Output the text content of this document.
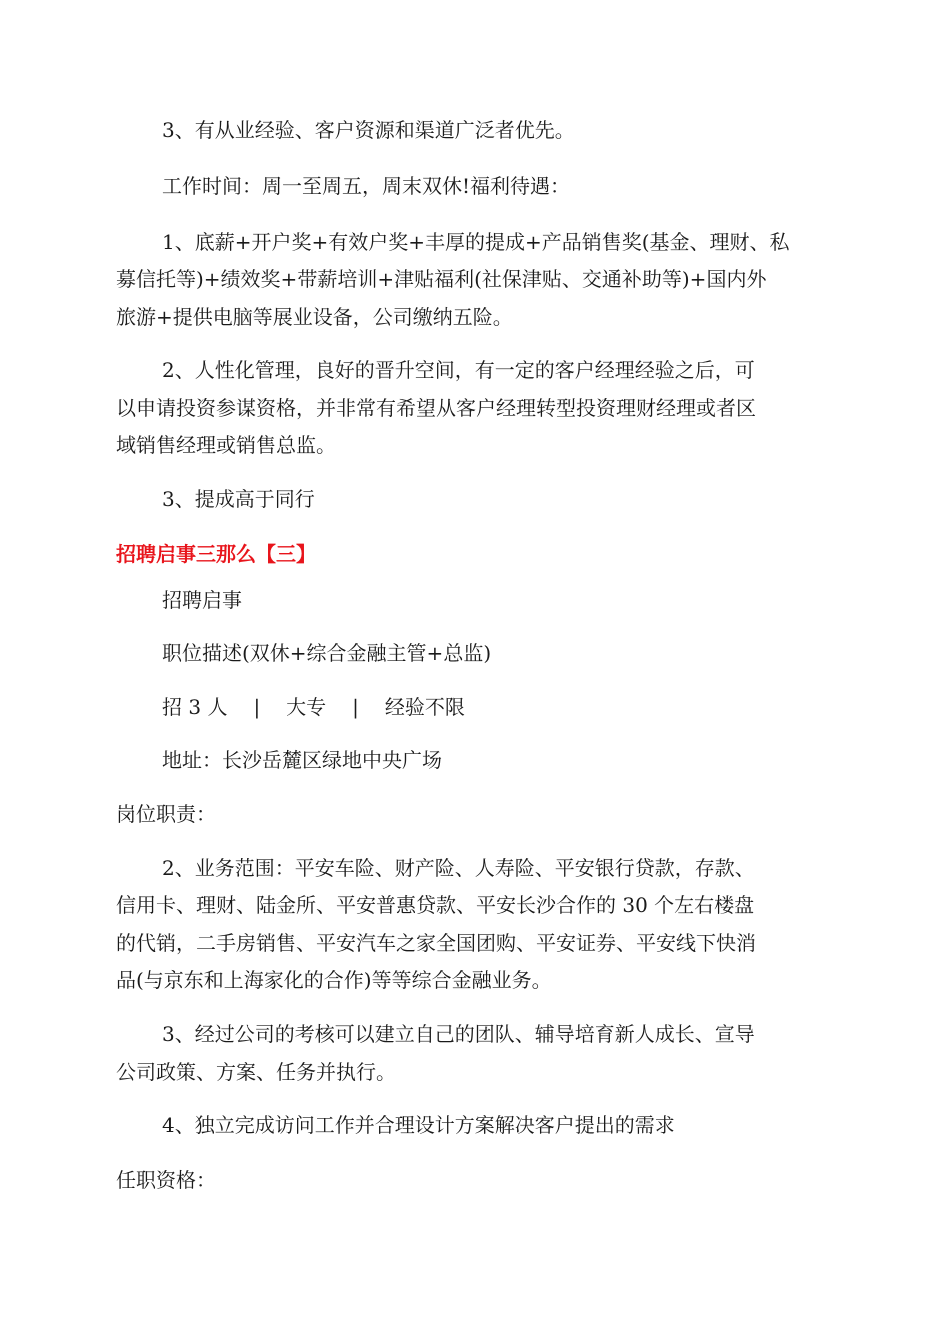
3、有从业经验、客户资源和渠道广泛者优先。

工作时间：周一至周五，周末双休!福利待遇：

1、底薪+开户奖+有效户奖+丰厚的提成+产品销售奖(基金、理财、私

募信托等)+绩效奖+带薪培训+津贴福利(社保津贴、交通补助等)+国内外

旅游+提供电脑等展业设备，公司缴纳五险。

2、人性化管理，良好的晋升空间，有一定的客户经理经验之后，可

以申请投资参谋资格，并非常有希望从客户经理转型投资理财经理或者区

域销售经理或销售总监。

3、提成高于同行

招聘启事三那么【三】

招聘启事

职位描述(双休+综合金融主管+总监)

招 3 人 | 大专 | 经验不限

地址：长沙岳麓区绿地中央广场

岗位职责：

2、业务范围：平安车险、财产险、人寿险、平安银行贷款，存款、

信用卡、理财、陆金所、平安普惠贷款、平安长沙合作的 30 个左右楼盘

的代销，二手房销售、平安汽车之家全国团购、平安证券、平安线下快消

品(与京东和上海家化的合作)等等综合金融业务。

3、经过公司的考核可以建立自己的团队、辅导培育新人成长、宣导

公司政策、方案、任务并执行。

4、独立完成访问工作并合理设计方案解决客户提出的需求

任职资格：
